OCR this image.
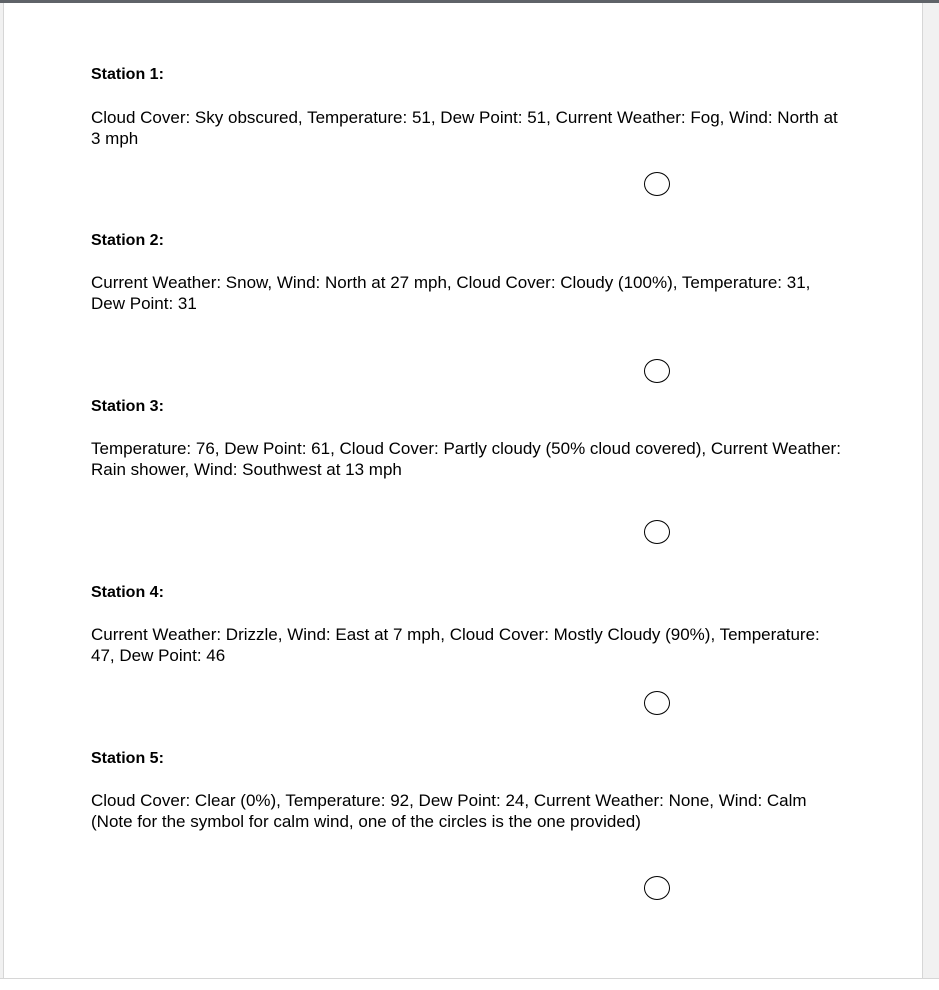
Station 1:

Cloud Cover: Sky obscured, Temperature: 51, Dew Point: 51, Current Weather: Fog, Wind: North at 3 mph

Station 2:

Current Weather: Snow, Wind: North at 27 mph, Cloud Cover: Cloudy (100%), Temperature: 31, Dew Point: 31

Station 3:

Temperature: 76, Dew Point: 61, Cloud Cover: Partly cloudy (50% cloud covered), Current Weather: Rain shower, Wind: Southwest at 13 mph

Station 4:

Current Weather: Drizzle, Wind: East at 7 mph, Cloud Cover: Mostly Cloudy (90%), Temperature: 47, Dew Point: 46

Station 5:

Cloud Cover: Clear (0%), Temperature: 92, Dew Point: 24, Current Weather: None, Wind: Calm (Note for the symbol for calm wind, one of the circles is the one provided)
